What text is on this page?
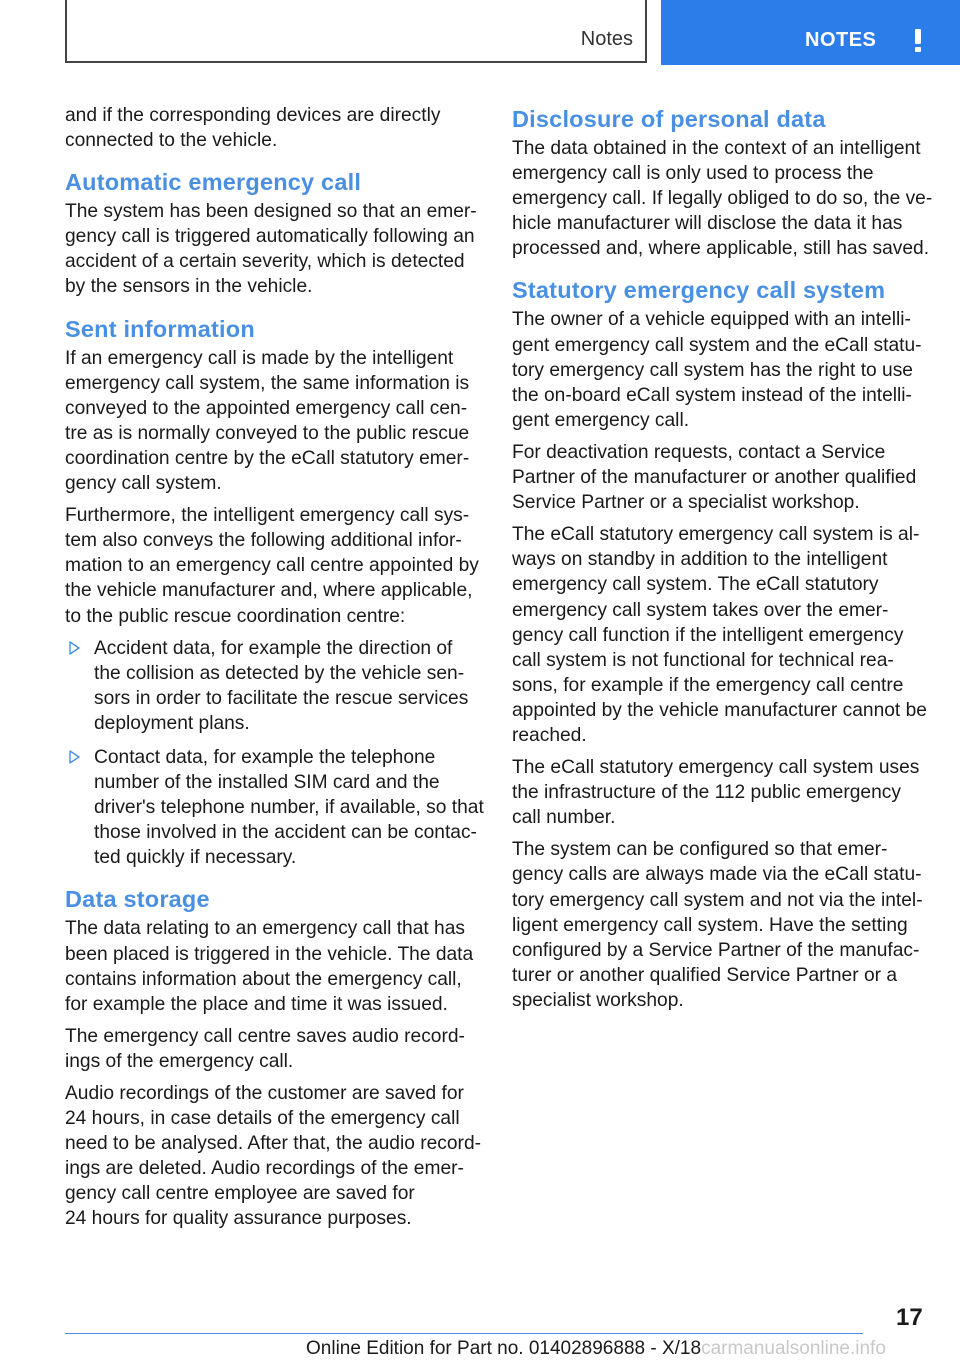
Notes	NOTES

and if the corresponding devices are directly
connected to the vehicle.

Automatic emergency call

The system has been designed so that an emer‐
gency call is triggered automatically following an
accident of a certain severity, which is detected
by the sensors in the vehicle.

Sent information

If an emergency call is made by the intelligent
emergency call system, the same information is
conveyed to the appointed emergency call cen‐
tre as is normally conveyed to the public rescue
coordination centre by the eCall statutory emer‐
gency call system.

Furthermore, the intelligent emergency call sys‐
tem also conveys the following additional infor‐
mation to an emergency call centre appointed by
the vehicle manufacturer and, where applicable,
to the public rescue coordination centre:

Accident data, for example the direction of
the collision as detected by the vehicle sen‐
sors in order to facilitate the rescue services
deployment plans.
Contact data, for example the telephone
number of the installed SIM card and the
driver's telephone number, if available, so that
those involved in the accident can be contac‐
ted quickly if necessary.
Data storage

The data relating to an emergency call that has
been placed is triggered in the vehicle. The data
contains information about the emergency call,
for example the place and time it was issued.

The emergency call centre saves audio record‐
ings of the emergency call.

Audio recordings of the customer are saved for
24 hours, in case details of the emergency call
need to be analysed. After that, the audio record‐
ings are deleted. Audio recordings of the emer‐
gency call centre employee are saved for
24 hours for quality assurance purposes.

Disclosure of personal data

The data obtained in the context of an intelligent
emergency call is only used to process the
emergency call. If legally obliged to do so, the ve‐
hicle manufacturer will disclose the data it has
processed and, where applicable, still has saved.

Statutory emergency call system

The owner of a vehicle equipped with an intelli‐
gent emergency call system and the eCall statu‐
tory emergency call system has the right to use
the on-board eCall system instead of the intelli‐
gent emergency call.

For deactivation requests, contact a Service
Partner of the manufacturer or another qualified
Service Partner or a specialist workshop.

The eCall statutory emergency call system is al‐
ways on standby in addition to the intelligent
emergency call system. The eCall statutory
emergency call system takes over the emer‐
gency call function if the intelligent emergency
call system is not functional for technical rea‐
sons, for example if the emergency call centre
appointed by the vehicle manufacturer cannot be
reached.

The eCall statutory emergency call system uses
the infrastructure of the 112 public emergency
call number.

The system can be configured so that emer‐
gency calls are always made via the eCall statu‐
tory emergency call system and not via the intel‐
ligent emergency call system. Have the setting
configured by a Service Partner of the manufac‐
turer or another qualified Service Partner or a
specialist workshop.

17
Online Edition for Part no. 01402896888 - X/18carmanualsonline.info
